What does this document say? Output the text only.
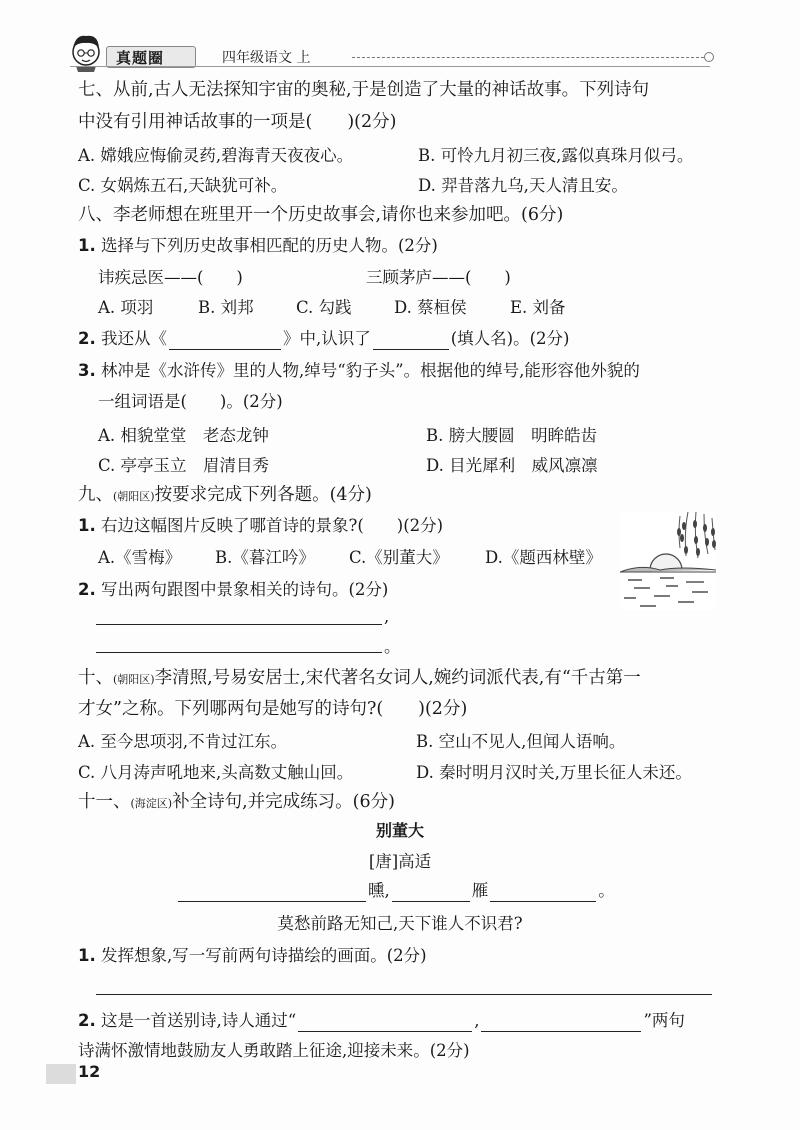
真题圈	四年级语文 上
七、从前,古人无法探知宇宙的奥秘,于是创造了大量的神话故事。下列诗句
中没有引用神话故事的一项是(　　)(2分)
A. 嫦娥应悔偷灵药,碧海青天夜夜心。	B. 可怜九月初三夜,露似真珠月似弓。
C. 女娲炼五石,天缺犹可补。	D. 羿昔落九乌,天人清且安。
八、李老师想在班里开一个历史故事会,请你也来参加吧。(6分)
1. 选择与下列历史故事相匹配的历史人物。(2分)
讳疾忌医——(　　)	三顾茅庐——(　　)
A. 项羽	B. 刘邦	C. 勾践	D. 蔡桓侯	E. 刘备
2. 我还从《	》中,认识了	(填人名)。(2分)
3. 林冲是《水浒传》里的人物,绰号“豹子头”。根据他的绰号,能形容他外貌的
一组词语是(　　)。(2分)
A. 相貌堂堂　老态龙钟	B. 膀大腰圆　明眸皓齿
C. 亭亭玉立　眉清目秀	D. 目光犀利　威风凛凛
九、(朝阳区)按要求完成下列各题。(4分)
1. 右边这幅图片反映了哪首诗的景象?(　　)(2分)
A.《雪梅》 B.《暮江吟》 C.《别董大》 D.《题西林壁》
2. 写出两句跟图中景象相关的诗句。(2分)
,
。
十、(朝阳区)李清照,号易安居士,宋代著名女词人,婉约词派代表,有“千古第一
才女”之称。下列哪两句是她写的诗句?(　　)(2分)
A. 至今思项羽,不肯过江东。	B. 空山不见人,但闻人语响。
C. 八月涛声吼地来,头高数丈触山回。	D. 秦时明月汉时关,万里长征人未还。
十一、(海淀区)补全诗句,并完成练习。(6分)
别董大
[唐]高适
曛,	雁	。
莫愁前路无知己,天下谁人不识君?
1. 发挥想象,写一写前两句诗描绘的画面。(2分)
2. 这是一首送别诗,诗人通过“	,	”两句
诗满怀激情地鼓励友人勇敢踏上征途,迎接未来。(2分)
12
